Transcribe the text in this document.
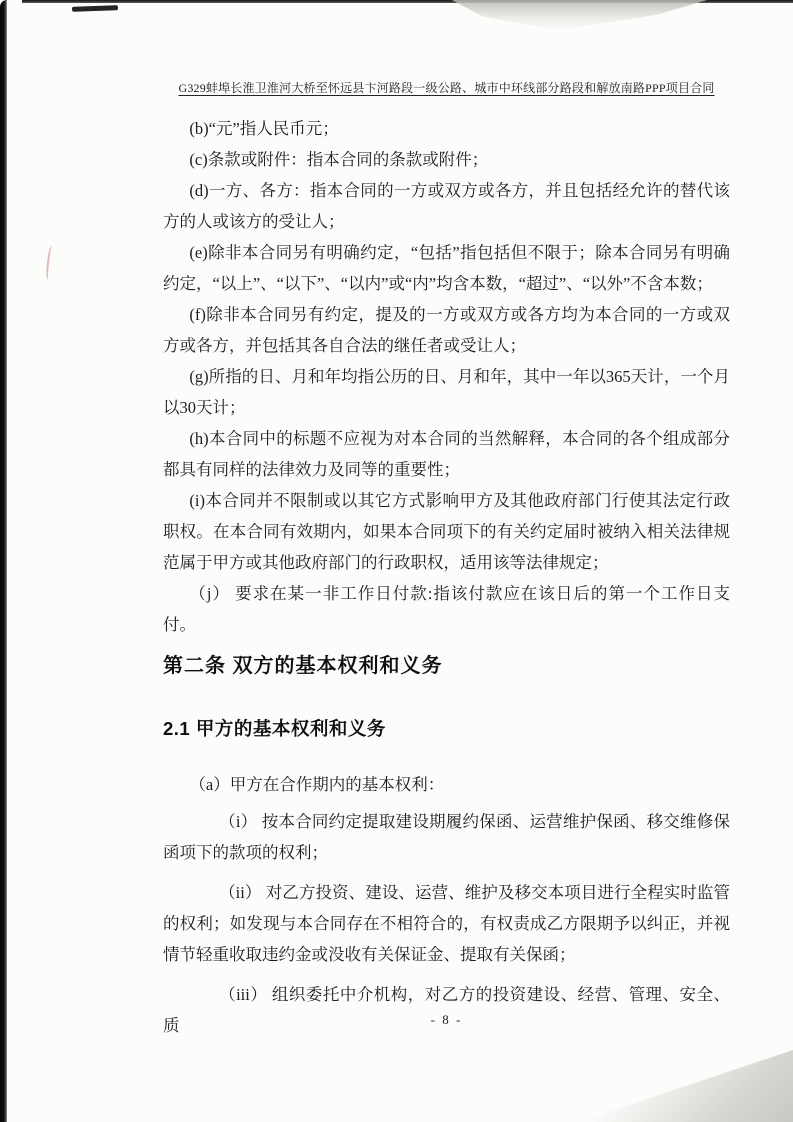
G329蚌埠长淮卫淮河大桥至怀远县卞河路段一级公路、城市中环线部分路段和解放南路PPP项目合同

(b)“元”指人民币元；

(c)条款或附件：指本合同的条款或附件；

(d)一方、各方：指本合同的一方或双方或各方，并且包括经允许的替代该方的人或该方的受让人；

(e)除非本合同另有明确约定，“包括”指包括但不限于；除本合同另有明确约定，“以上”、“以下”、“以内”或“内”均含本数，“超过”、“以外”不含本数；

(f)除非本合同另有约定，提及的一方或双方或各方均为本合同的一方或双方或各方，并包括其各自合法的继任者或受让人；

(g)所指的日、月和年均指公历的日、月和年，其中一年以365天计，一个月以30天计；

(h)本合同中的标题不应视为对本合同的当然解释，本合同的各个组成部分都具有同样的法律效力及同等的重要性；

(i)本合同并不限制或以其它方式影响甲方及其他政府部门行使其法定行政职权。在本合同有效期内，如果本合同项下的有关约定届时被纳入相关法律规范属于甲方或其他政府部门的行政职权，适用该等法律规定；

（j） 要求在某一非工作日付款:指该付款应在该日后的第一个工作日支付。

第二条 双方的基本权利和义务
2.1 甲方的基本权利和义务

（a）甲方在合作期内的基本权利：

（i） 按本合同约定提取建设期履约保函、运营维护保函、移交维修保函项下的款项的权利；

（ii） 对乙方投资、建设、运营、维护及移交本项目进行全程实时监管的权利；如发现与本合同存在不相符合的，有权责成乙方限期予以纠正，并视情节轻重收取违约金或没收有关保证金、提取有关保函；

（iii） 组织委托中介机构，对乙方的投资建设、经营、管理、安全、质	- 8 -
